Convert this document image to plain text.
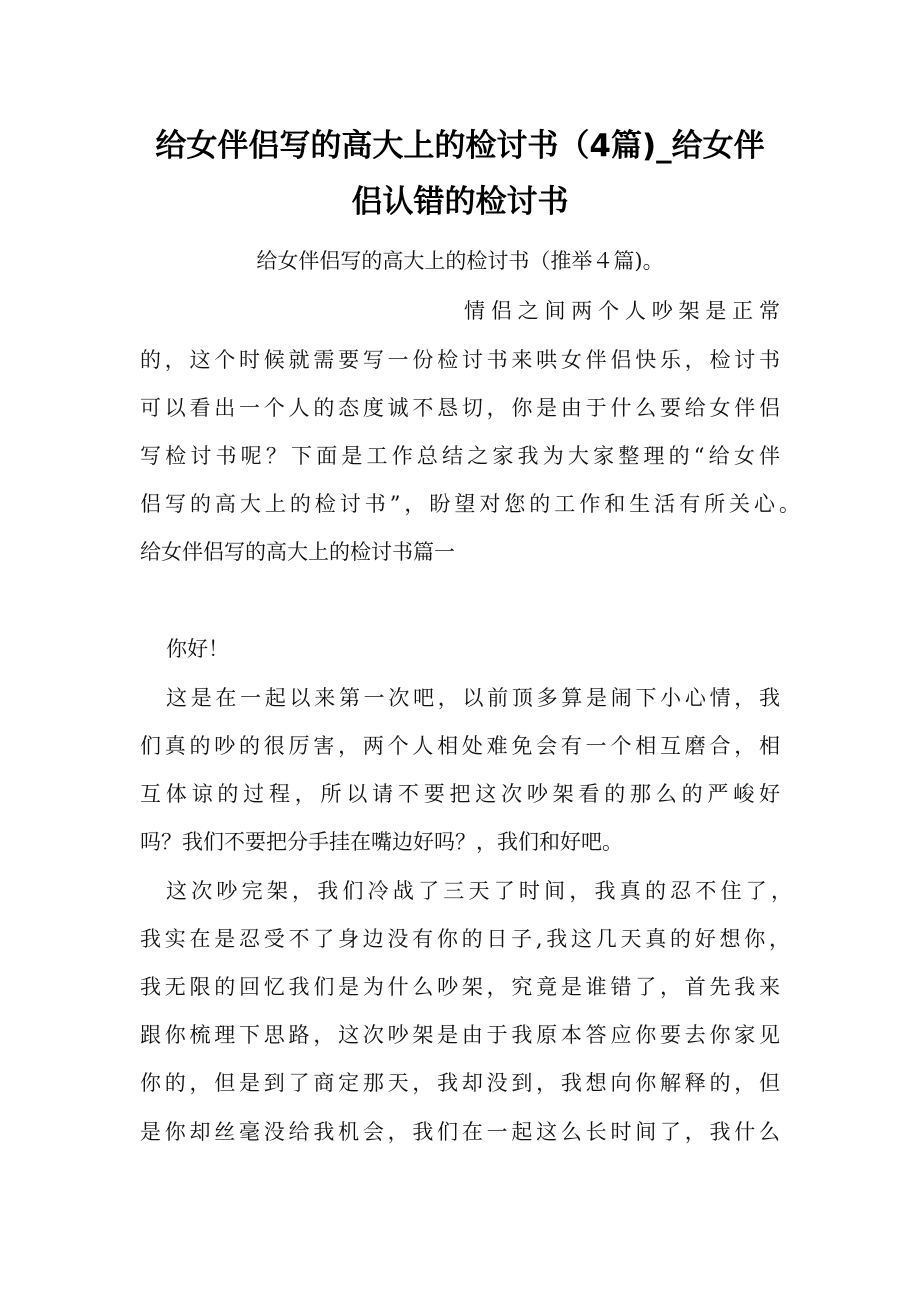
给女伴侣写的高大上的检讨书（4篇)_给女伴侣认错的检讨书

给女伴侣写的高大上的检讨书（推举４篇)。

情侣之间两个人吵架是正常

的，这个时候就需要写一份检讨书来哄女伴侣快乐，检讨书

可以看出一个人的态度诚不恳切，你是由于什么要给女伴侣

写检讨书呢？下面是工作总结之家我为大家整理的“给女伴

侣写的高大上的检讨书”，盼望对您的工作和生活有所关心。

给女伴侣写的高大上的检讨书篇一

你好！

这是在一起以来第一次吧，以前顶多算是闹下小心情，我

们真的吵的很厉害，两个人相处难免会有一个相互磨合，相

互体谅的过程，所以请不要把这次吵架看的那么的严峻好

吗？我们不要把分手挂在嘴边好吗？，我们和好吧。

这次吵完架，我们冷战了三天了时间，我真的忍不住了，

我实在是忍受不了身边没有你的日子,我这几天真的好想你，

我无限的回忆我们是为什么吵架，究竟是谁错了，首先我来

跟你梳理下思路，这次吵架是由于我原本答应你要去你家见

你的，但是到了商定那天，我却没到，我想向你解释的，但

是你却丝毫没给我机会，我们在一起这么长时间了，我什么
